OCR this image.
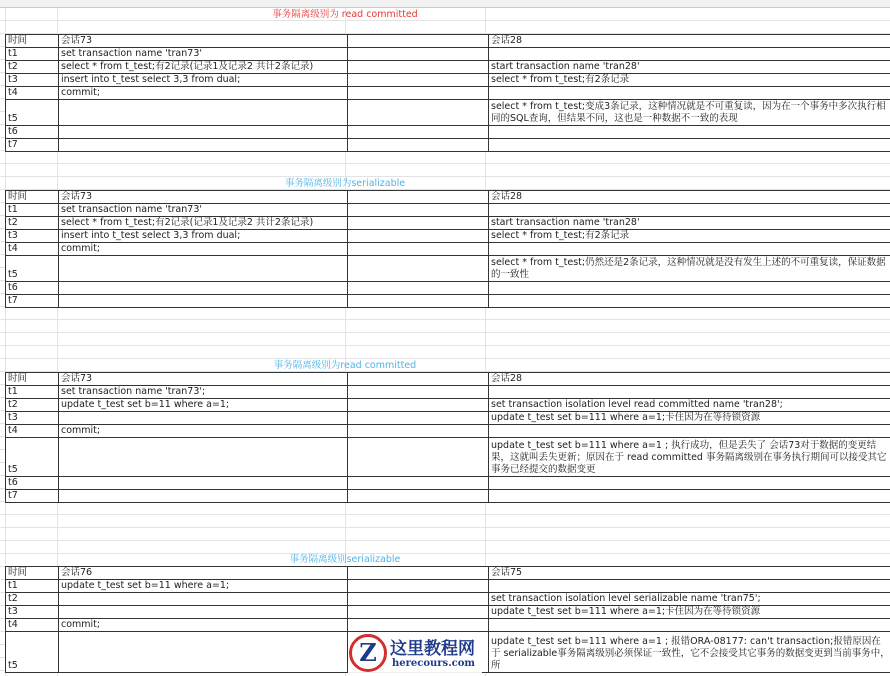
事务隔离级别为 read committed
时间	会话73		会话28
t1	set transaction name 'tran73'		
t2	select * from t_test;有2记录(记录1及记录2 共计2条记录)		start transaction name 'tran28'
t3	insert into t_test select 3,3 from dual;		select * from t_test;有2条记录
t4	commit;		
t5			select * from t_test;变成3条记录，这种情况就是不可重复读，因为在一个事务中多次执行相同的SQL查询，但结果不同，这也是一种数据不一致的表现
t6			
t7			
事务隔离级别为serializable
时间	会话73		会话28
t1	set transaction name 'tran73'		
t2	select * from t_test;有2记录(记录1及记录2 共计2条记录)		start transaction name 'tran28'
t3	insert into t_test select 3,3 from dual;		select * from t_test;有2条记录
t4	commit;		
t5			select * from t_test;仍然还是2条记录，这种情况就是没有发生上述的不可重复读，保证数据的一致性
t6			
t7			
事务隔离级别为read committed
时间	会话73		会话28
t1	set transaction name 'tran73';		
t2	update t_test set b=11 where a=1;		set transaction isolation level read committed name 'tran28';
t3			update t_test set b=111 where a=1;卡住因为在等待锁资源
t4	commit;		
t5			update t_test set b=111 where a=1 ; 执行成功，但是丢失了 会话73对于数据的变更结果，这就叫丢失更新；原因在于 read committed 事务隔离级别在事务执行期间可以接受其它事务已经提交的数据变更
t6			
t7			
事务隔离级别serializable
时间	会话76		会话75
t1	update t_test set b=11 where a=1;		
t2			set transaction isolation level serializable name 'tran75';
t3			update t_test set b=111 where a=1;卡住因为在等待锁资源
t4	commit;		
t5			update t_test set b=111 where a=1 ; 报错ORA-08177: can't transaction;报错原因在于 serializable事务隔离级别必须保证一致性，它不会接受其它事务的数据变更到当前事务中，所
Z 这里教程网
herecours.com
